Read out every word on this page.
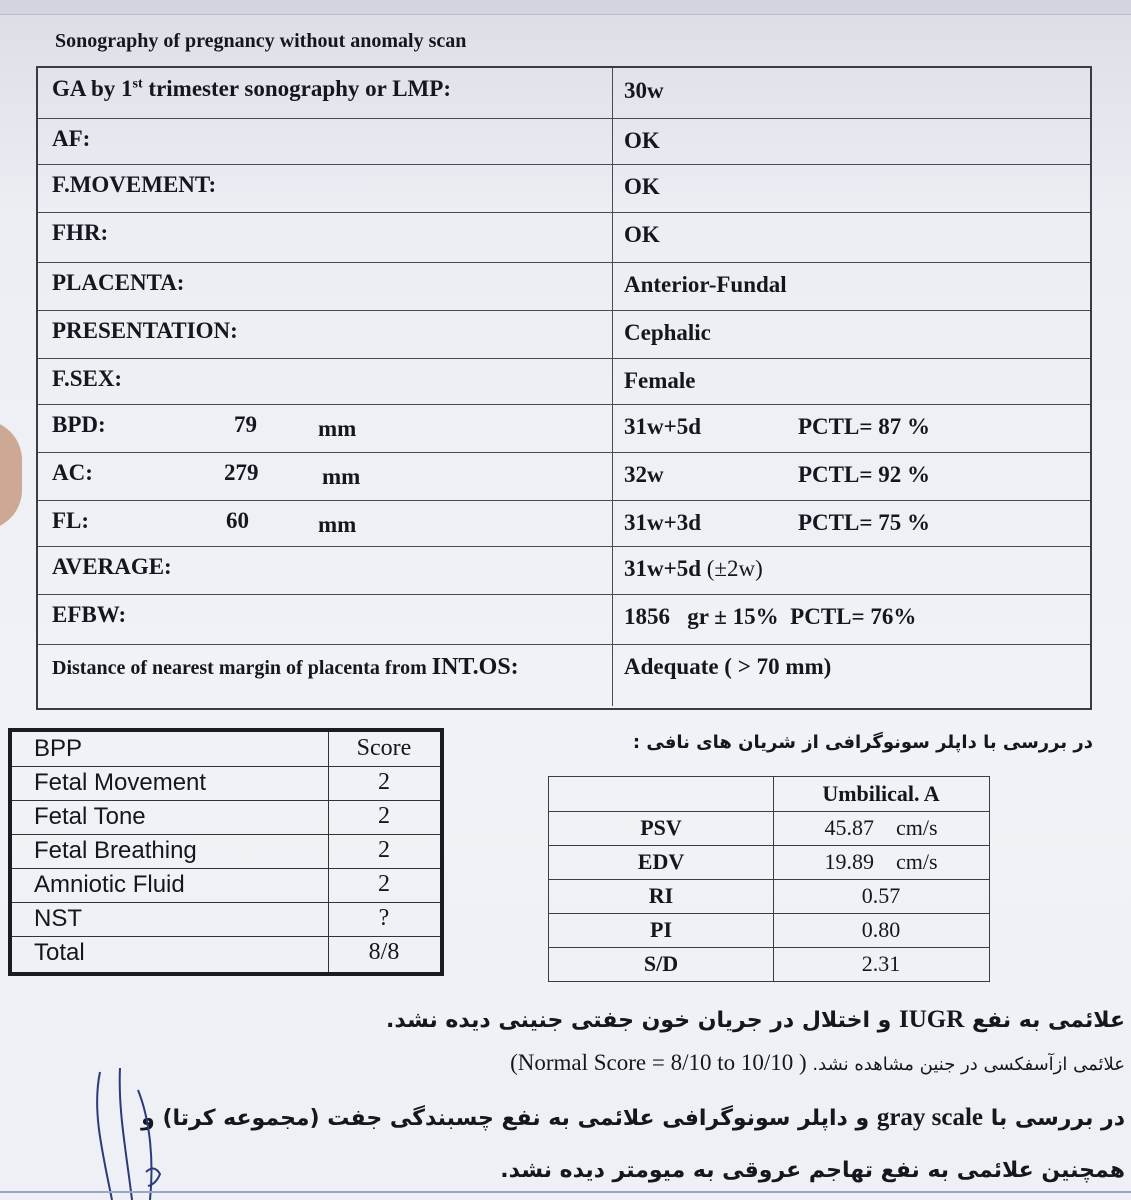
Sonography of pregnancy without anomaly scan
GA by 1st trimester sonography or LMP:	30w
AF:	OK
F.MOVEMENT:	OK
FHR:	OK
PLACENTA:	Anterior-Fundal
PRESENTATION:	Cephalic
F.SEX:	Female
BPD:	79	mm	31w+5d	PCTL= 87 %
AC:	279	mm	32w	PCTL= 92 %
FL:	60	mm	31w+3d	PCTL= 75 %
AVERAGE:	31w+5d (±2w)
EFBW:	1856   gr ± 15%  PCTL= 76%
Distance of nearest margin of placenta from INT.OS:	Adequate ( > 70 mm)
BPP	Score
Fetal Movement	2
Fetal Tone	2
Fetal Breathing	2
Amniotic Fluid	2
NST	?
Total	8/8
در بررسی با داپلر سونوگرافی از شریان های نافی :
Umbilical. A
PSV	45.87    cm/s
EDV	19.89    cm/s
RI	0.57
PI	0.80
S/D	2.31
علائمی به نفع IUGR و اختلال در جریان خون جفتی جنینی دیده نشد.
علائمی ازآسفکسی در جنین مشاهده نشد. (Normal Score = 8/10 to 10/10 )
در بررسی با gray scale و داپلر سونوگرافی علائمی به نفع چسبندگی جفت (مجموعه کرتا) و
همچنین علائمی به نفع تهاجم عروقی به میومتر دیده نشد.
